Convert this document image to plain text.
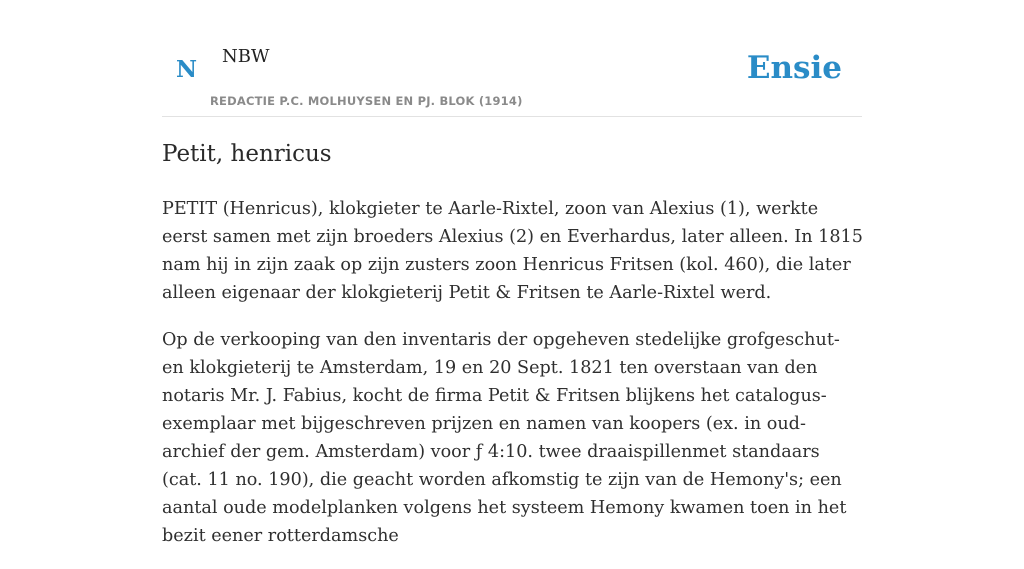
N NBW
REDACTIE P.C. MOLHUYSEN EN PJ. BLOK (1914)
Ensie
Petit, henricus

PETIT (Henricus), klokgieter te Aarle-Rixtel, zoon van Alexius (1), werkte eerst samen met zijn broeders Alexius (2) en Everhardus, later alleen. In 1815 nam hij in zijn zaak op zijn zusters zoon Henricus Fritsen (kol. 460), die later alleen eigenaar der klokgieterij Petit & Fritsen te Aarle-Rixtel werd.

Op de verkooping van den inventaris der opgeheven stedelijke grofgeschut- en klokgieterij te Amsterdam, 19 en 20 Sept. 1821 ten overstaan van den notaris Mr. J. Fabius, kocht de firma Petit & Fritsen blijkens het catalogus-exemplaar met bijgeschreven prijzen en namen van koopers (ex. in oud-archief der gem. Amsterdam) voor ƒ 4:10. twee draaispillenmet standaars (cat. 11 no. 190), die geacht worden afkomstig te zijn van de Hemony's; een aantal oude modelplanken volgens het systeem Hemony kwamen toen in het bezit eener rotterdamsche
